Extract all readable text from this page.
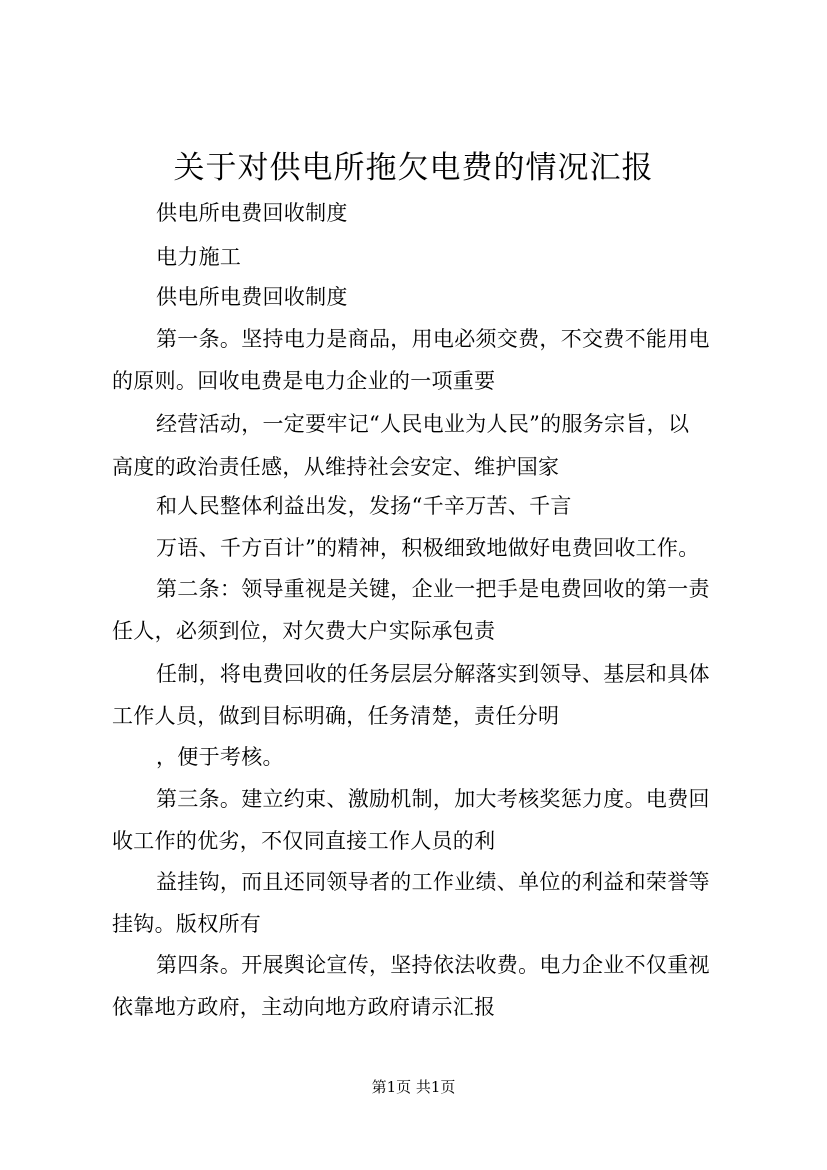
关于对供电所拖欠电费的情况汇报
供电所电费回收制度
电力施工
供电所电费回收制度
第一条。坚持电力是商品，用电必须交费，不交费不能用电
的原则。回收电费是电力企业的一项重要
经营活动，一定要牢记“人民电业为人民”的服务宗旨，以
高度的政治责任感，从维持社会安定、维护国家
和人民整体利益出发，发扬“千辛万苦、千言
万语、千方百计”的精神，积极细致地做好电费回收工作。
第二条：领导重视是关键，企业一把手是电费回收的第一责
任人，必须到位，对欠费大户实际承包责
任制，将电费回收的任务层层分解落实到领导、基层和具体
工作人员，做到目标明确，任务清楚，责任分明
，便于考核。
第三条。建立约束、激励机制，加大考核奖惩力度。电费回
收工作的优劣，不仅同直接工作人员的利
益挂钩，而且还同领导者的工作业绩、单位的利益和荣誉等
挂钩。版权所有
第四条。开展舆论宣传，坚持依法收费。电力企业不仅重视
依靠地方政府，主动向地方政府请示汇报
第1页 共1页
